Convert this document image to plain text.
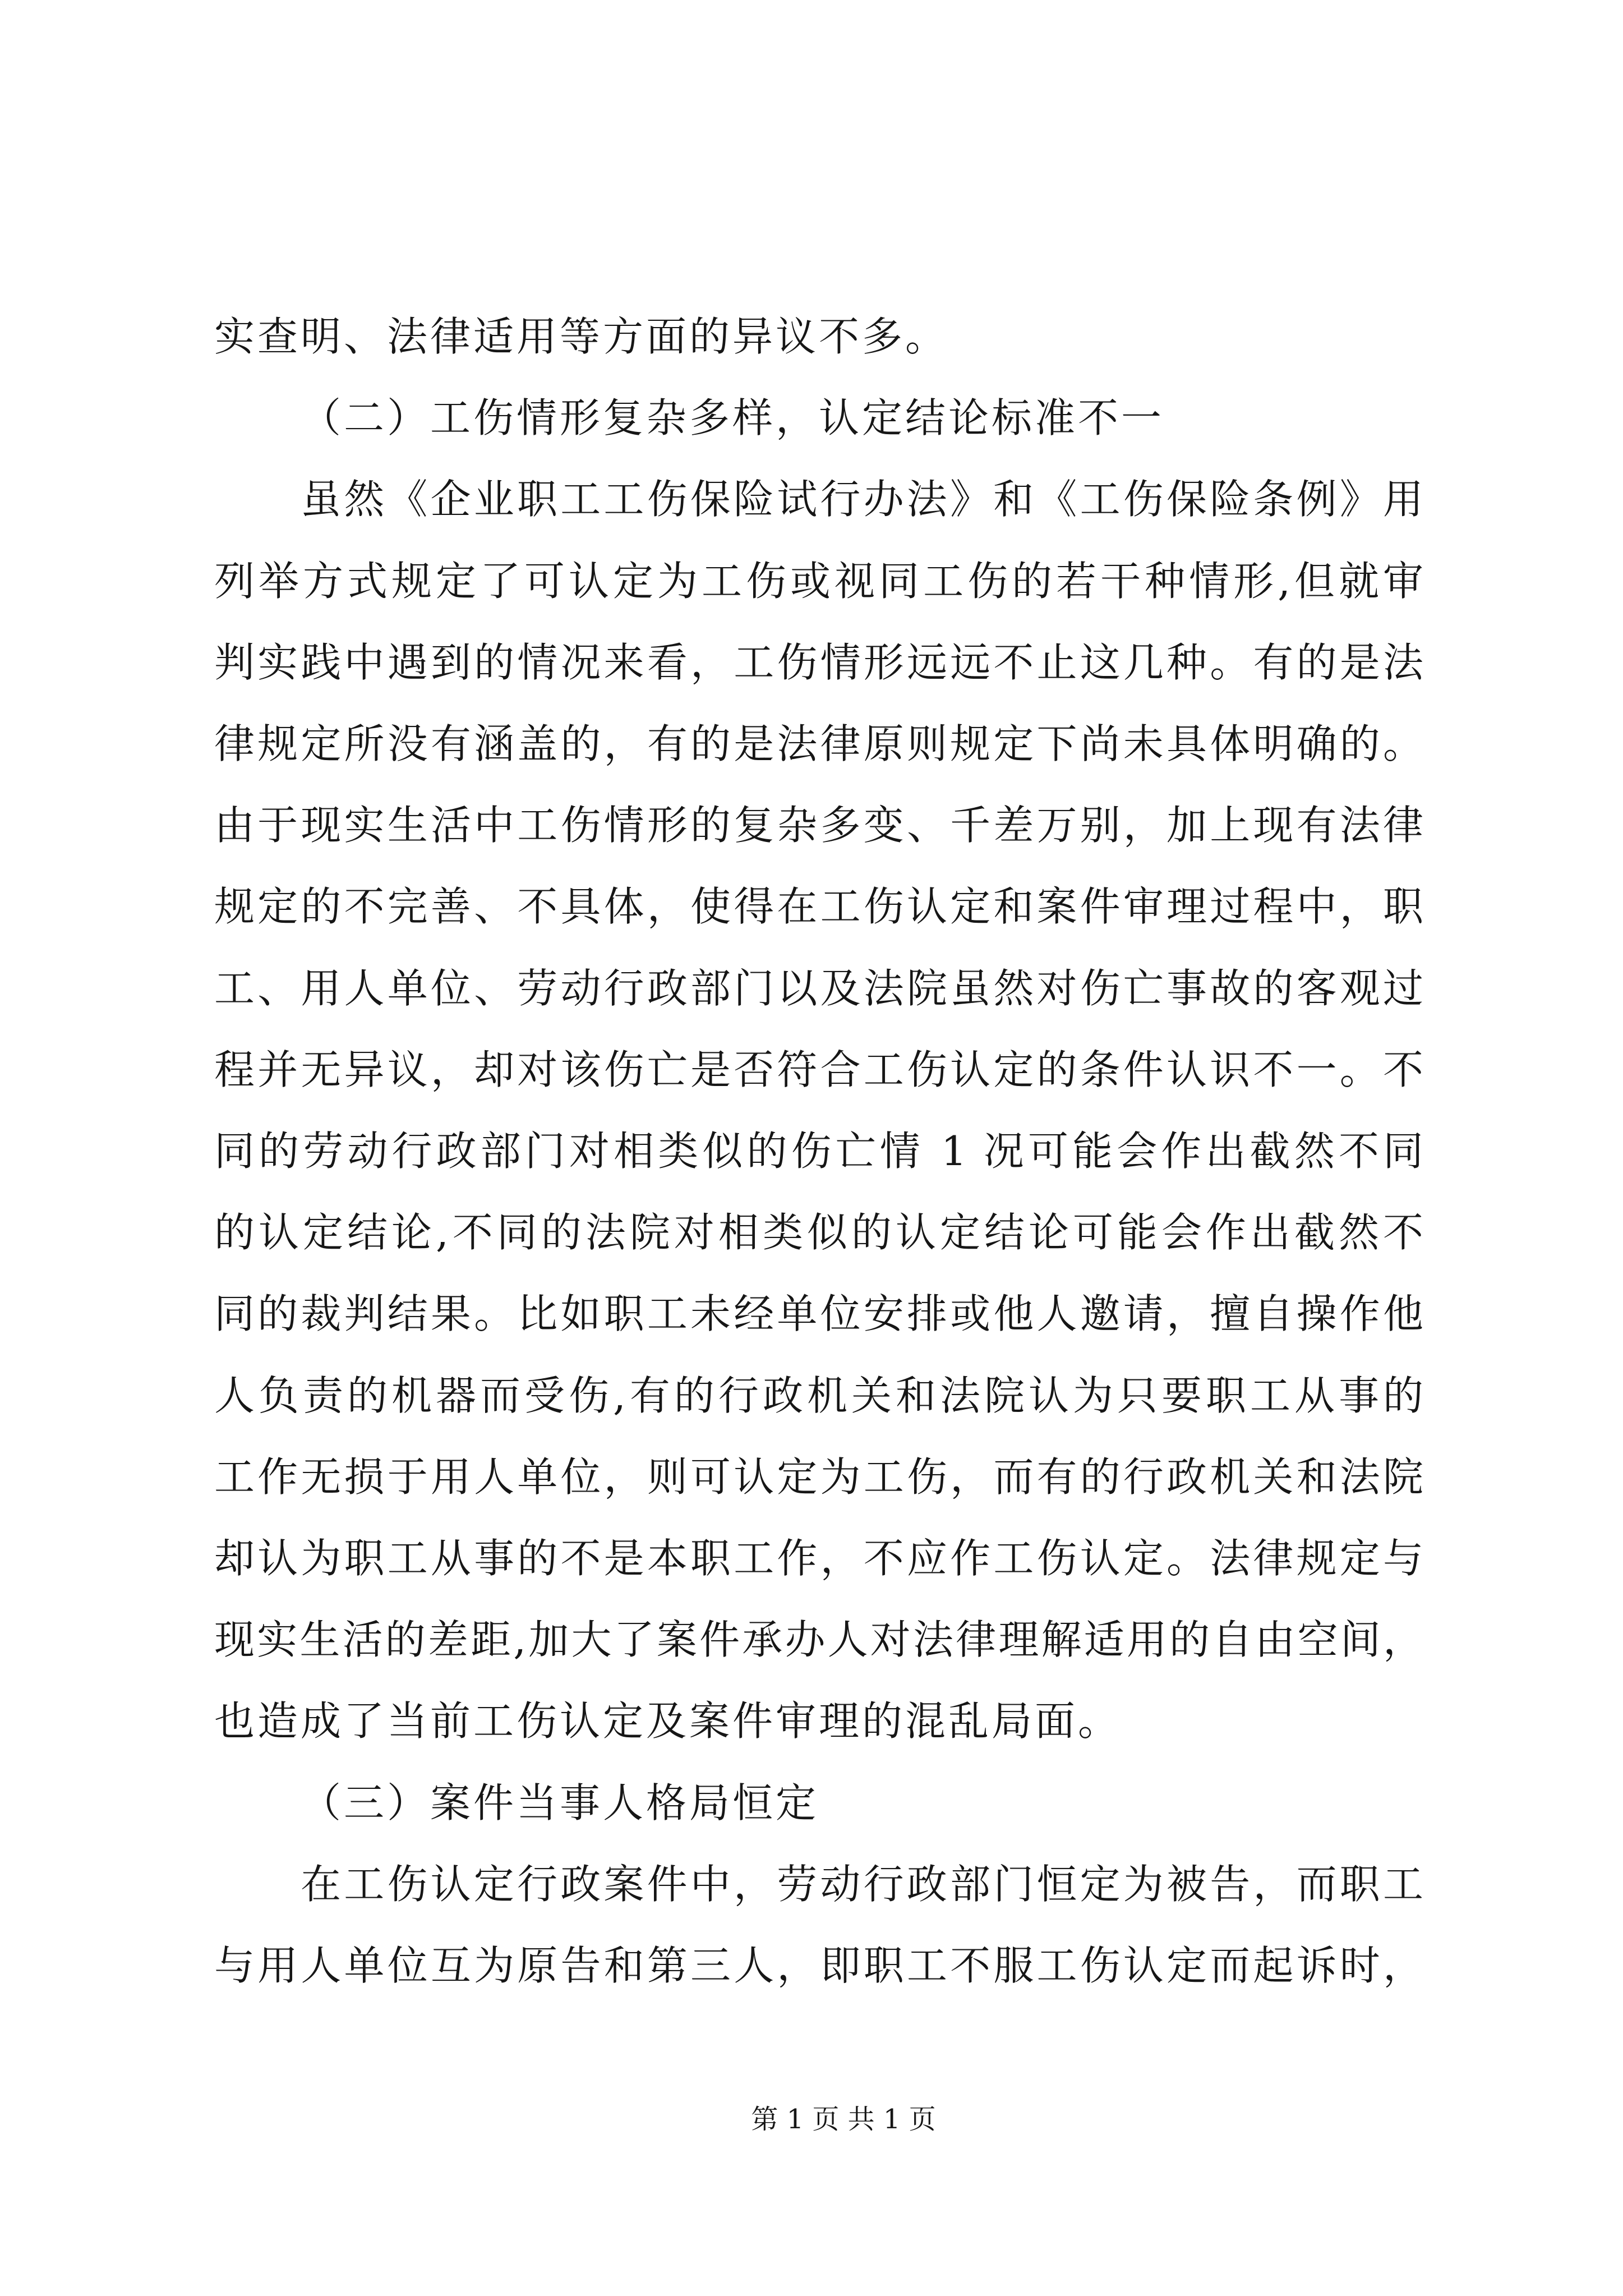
实查明、法律适用等方面的异议不多。
（二）工伤情形复杂多样，认定结论标准不一
虽然《企业职工工伤保险试行办法》和《工伤保险条例》用
列举方式规定了可认定为工伤或视同工伤的若干种情形,但就审
判实践中遇到的情况来看，工伤情形远远不止这几种。有的是法
律规定所没有涵盖的，有的是法律原则规定下尚未具体明确的。
由于现实生活中工伤情形的复杂多变、千差万别，加上现有法律
规定的不完善、不具体，使得在工伤认定和案件审理过程中，职
工、用人单位、劳动行政部门以及法院虽然对伤亡事故的客观过
程并无异议，却对该伤亡是否符合工伤认定的条件认识不一。不
同的劳动行政部门对相类似的伤亡情 1 况可能会作出截然不同
的认定结论,不同的法院对相类似的认定结论可能会作出截然不
同的裁判结果。比如职工未经单位安排或他人邀请，擅自操作他
人负责的机器而受伤,有的行政机关和法院认为只要职工从事的
工作无损于用人单位，则可认定为工伤，而有的行政机关和法院
却认为职工从事的不是本职工作，不应作工伤认定。法律规定与
现实生活的差距,加大了案件承办人对法律理解适用的自由空间，
也造成了当前工伤认定及案件审理的混乱局面。
（三）案件当事人格局恒定
在工伤认定行政案件中，劳动行政部门恒定为被告，而职工
与用人单位互为原告和第三人，即职工不服工伤认定而起诉时，
第 1 页 共 1 页
